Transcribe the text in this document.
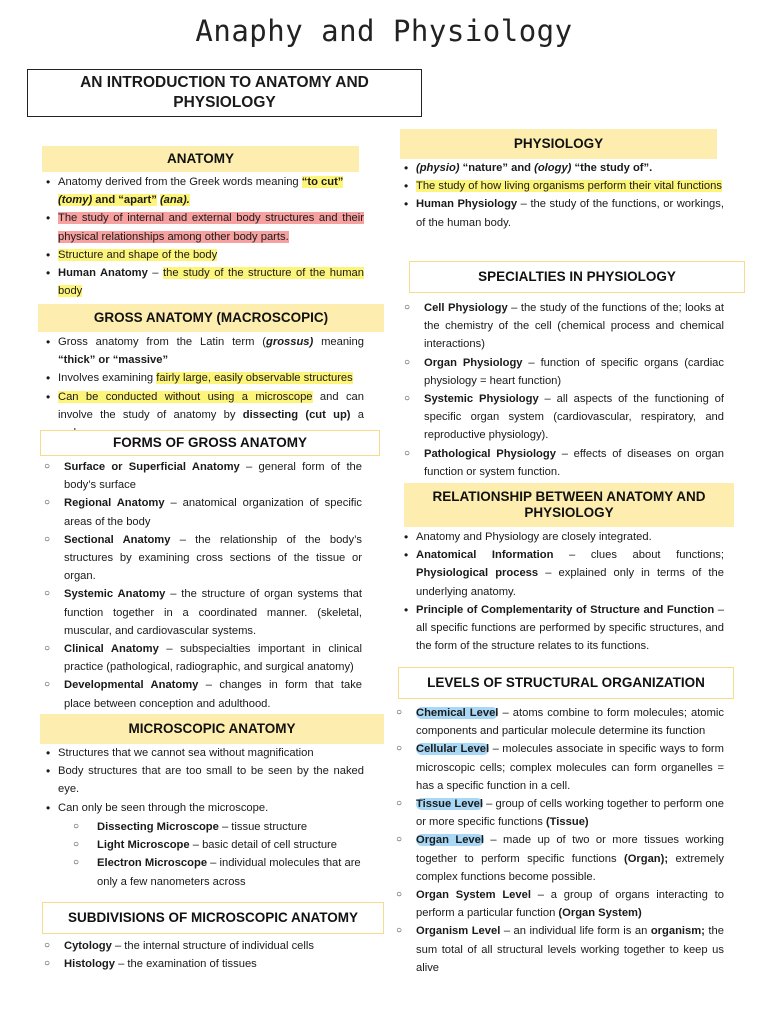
Anaphy and Physiology
AN INTRODUCTION TO ANATOMY AND PHYSIOLOGY
ANATOMY
• Anatomy derived from the Greek words meaning “to cut”
(tomy) and “apart” (ana).
• The study of internal and external body structures and their physical relationships among other body parts.
• Structure and shape of the body
• Human Anatomy – the study of the structure of the human body
GROSS ANATOMY (MACROSCOPIC)
• Gross anatomy from the Latin term (grossus) meaning “thick” or “massive”
• Involves examining fairly large, easily observable structures
• Can be conducted without using a microscope and can involve the study of anatomy by dissecting (cut up) a
FORMS OF GROSS ANATOMY
○ Surface or Superficial Anatomy – general form of the body’s surface
○ Regional Anatomy – anatomical organization of specific areas of the body
○ Sectional Anatomy – the relationship of the body’s structures by examining cross sections of the tissue or organ.
○ Systemic Anatomy – the structure of organ systems that function together in a coordinated manner. (skeletal, muscular, and cardiovascular systems.
○ Clinical Anatomy – subspecialties important in clinical practice (pathological, radiographic, and surgical anatomy)
○ Developmental Anatomy – changes in form that take place between conception and adulthood.
MICROSCOPIC ANATOMY
• Structures that we cannot sea without magnification
• Body structures that are too small to be seen by the naked eye.
• Can only be seen through the microscope.
○ Dissecting Microscope – tissue structure
○ Light Microscope – basic detail of cell structure
○ Electron Microscope – individual molecules that are only a few nanometers across
SUBDIVISIONS OF MICROSCOPIC ANATOMY
○ Cytology – the internal structure of individual cells
○ Histology – the examination of tissues
PHYSIOLOGY
• (physio) “nature” and (ology) “the study of”.
• The study of how living organisms perform their vital functions
• Human Physiology – the study of the functions, or workings, of the human body.
SPECIALTIES IN PHYSIOLOGY
○ Cell Physiology – the study of the functions of the; looks at the chemistry of the cell (chemical process and chemical interactions)
○ Organ Physiology – function of specific organs (cardiac physiology = heart function)
○ Systemic Physiology – all aspects of the functioning of specific organ system (cardiovascular, respiratory, and reproductive physiology).
○ Pathological Physiology – effects of diseases on organ function or system function.
RELATIONSHIP BETWEEN ANATOMY AND PHYSIOLOGY
• Anatomy and Physiology are closely integrated.
• Anatomical Information – clues about functions; Physiological process – explained only in terms of the underlying anatomy.
• Principle of Complementarity of Structure and Function – all specific functions are performed by specific structures, and the form of the structure relates to its functions.
LEVELS OF STRUCTURAL ORGANIZATION
○ Chemical Level – atoms combine to form molecules; atomic components and particular molecule determine its function
○ Cellular Level – molecules associate in specific ways to form microscopic cells; complex molecules can form organelles = has a specific function in a cell.
○ Tissue Level – group of cells working together to perform one or more specific functions (Tissue)
○ Organ Level – made up of two or more tissues working together to perform specific functions (Organ); extremely complex functions become possible.
○ Organ System Level – a group of organs interacting to perform a particular function (Organ System)
○ Organism Level – an individual life form is an organism; the sum total of all structural levels working together to keep us alive
